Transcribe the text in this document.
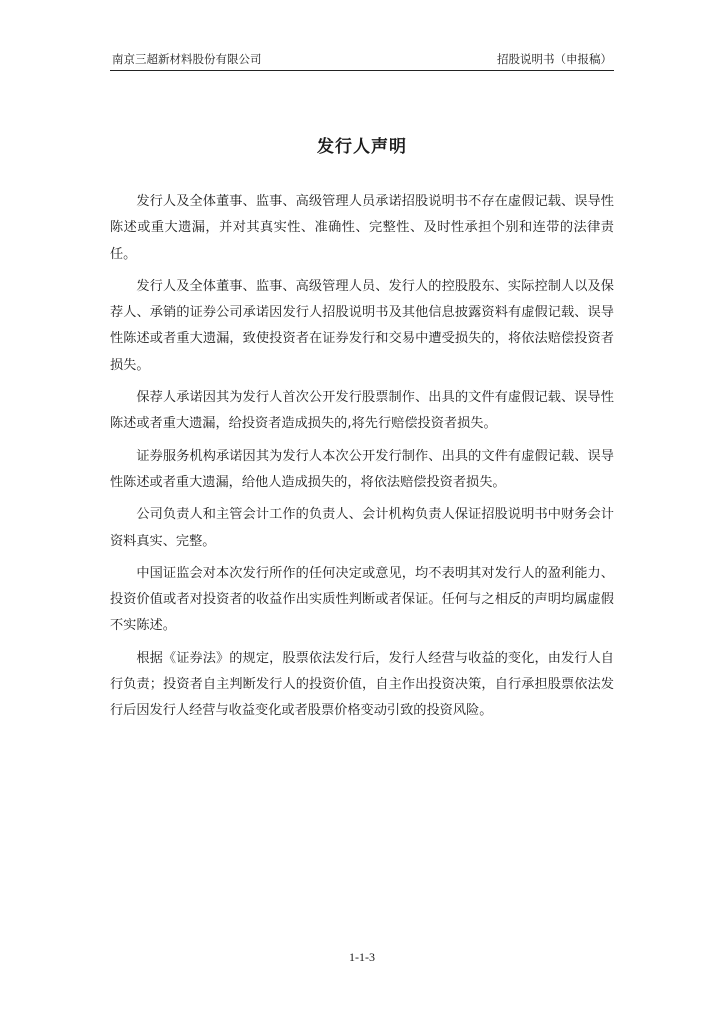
南京三超新材料股份有限公司	招股说明书（申报稿）
发行人声明

发行人及全体董事、监事、高级管理人员承诺招股说明书不存在虚假记载、误导性陈述或重大遗漏，并对其真实性、准确性、完整性、及时性承担个别和连带的法律责任。

发行人及全体董事、监事、高级管理人员、发行人的控股股东、实际控制人以及保荐人、承销的证券公司承诺因发行人招股说明书及其他信息披露资料有虚假记载、误导性陈述或者重大遗漏，致使投资者在证券发行和交易中遭受损失的，将依法赔偿投资者损失。

保荐人承诺因其为发行人首次公开发行股票制作、出具的文件有虚假记载、误导性陈述或者重大遗漏，给投资者造成损失的,将先行赔偿投资者损失。

证券服务机构承诺因其为发行人本次公开发行制作、出具的文件有虚假记载、误导性陈述或者重大遗漏，给他人造成损失的，将依法赔偿投资者损失。

公司负责人和主管会计工作的负责人、会计机构负责人保证招股说明书中财务会计资料真实、完整。

中国证监会对本次发行所作的任何决定或意见，均不表明其对发行人的盈利能力、投资价值或者对投资者的收益作出实质性判断或者保证。任何与之相反的声明均属虚假不实陈述。

根据《证券法》的规定，股票依法发行后，发行人经营与收益的变化，由发行人自行负责；投资者自主判断发行人的投资价值，自主作出投资决策，自行承担股票依法发行后因发行人经营与收益变化或者股票价格变动引致的投资风险。

1-1-3
